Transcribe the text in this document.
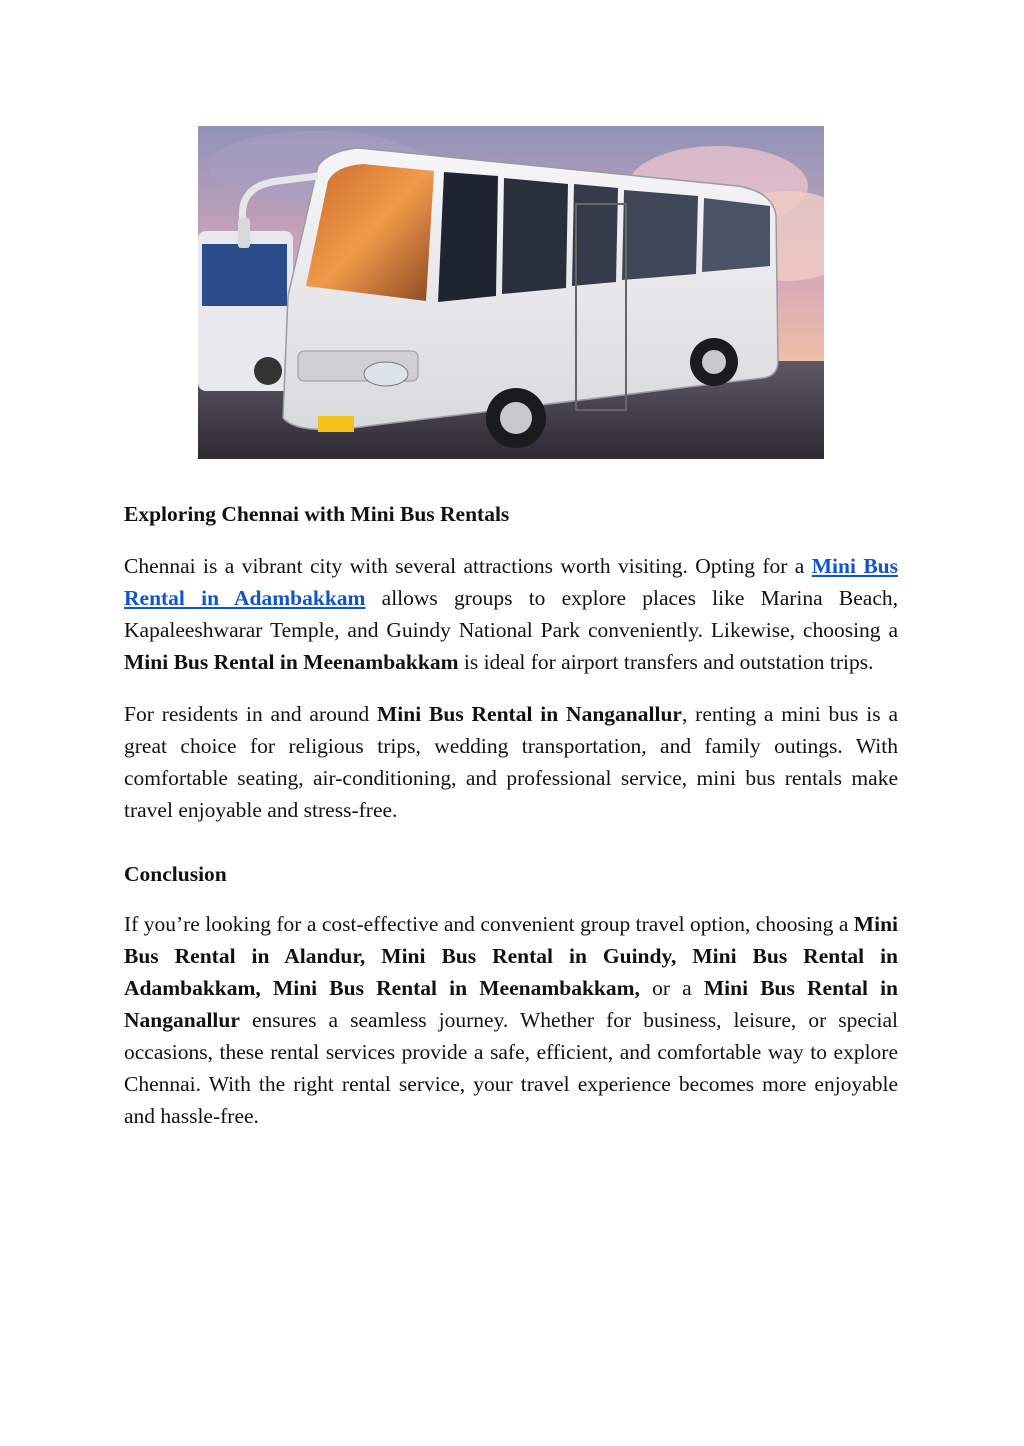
Exploring Chennai with Mini Bus Rentals

Chennai is a vibrant city with several attractions worth visiting. Opting for a Mini Bus Rental in Adambakkam allows groups to explore places like Marina Beach, Kapaleeshwarar Temple, and Guindy National Park conveniently. Likewise, choosing a Mini Bus Rental in Meenambakkam is ideal for airport transfers and outstation trips.

For residents in and around Mini Bus Rental in Nanganallur, renting a mini bus is a great choice for religious trips, wedding transportation, and family outings. With comfortable seating, air-conditioning, and professional service, mini bus rentals make travel enjoyable and stress-free.

Conclusion

If you’re looking for a cost-effective and convenient group travel option, choosing a Mini Bus Rental in Alandur, Mini Bus Rental in Guindy, Mini Bus Rental in Adambakkam, Mini Bus Rental in Meenambakkam, or a Mini Bus Rental in Nanganallur ensures a seamless journey. Whether for business, leisure, or special occasions, these rental services provide a safe, efficient, and comfortable way to explore Chennai. With the right rental service, your travel experience becomes more enjoyable and hassle-free.
